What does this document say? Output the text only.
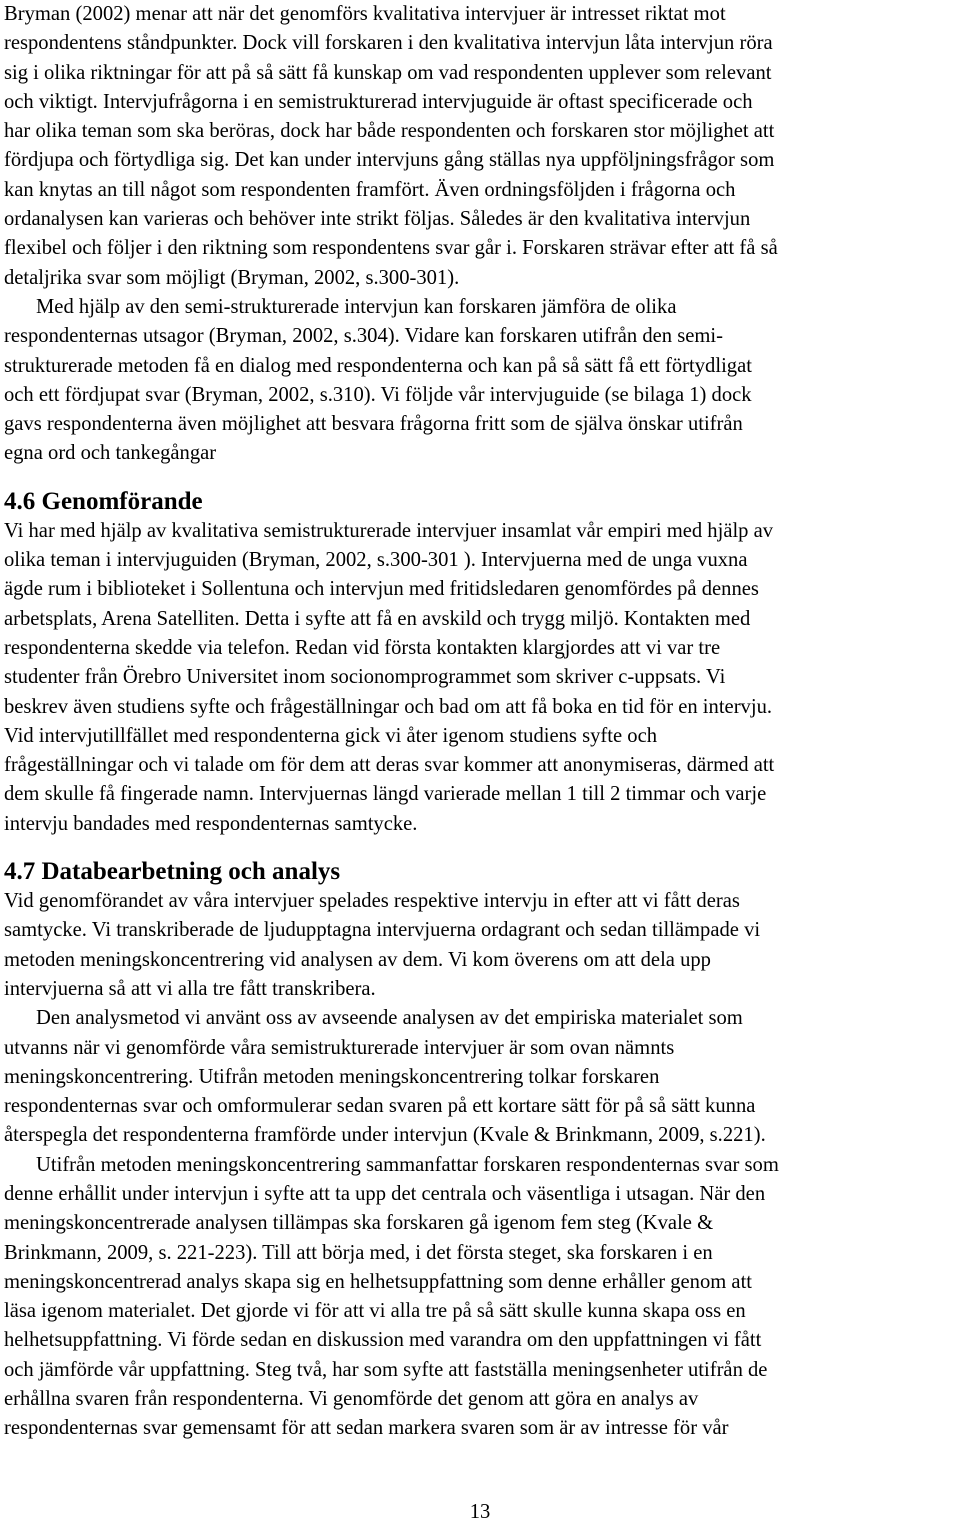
Bryman (2002) menar att när det genomförs kvalitativa intervjuer är intresset riktat mot
respondentens ståndpunkter. Dock vill forskaren i den kvalitativa intervjun låta intervjun röra
sig i olika riktningar för att på så sätt få kunskap om vad respondenten upplever som relevant
och viktigt. Intervjufrågorna i en semistrukturerad intervjuguide är oftast specificerade och
har olika teman som ska beröras, dock har både respondenten och forskaren stor möjlighet att
fördjupa och förtydliga sig. Det kan under intervjuns gång ställas nya uppföljningsfrågor som
kan knytas an till något som respondenten framfört. Även ordningsföljden i frågorna och
ordanalysen kan varieras och behöver inte strikt följas. Således är den kvalitativa intervjun
flexibel och följer i den riktning som respondentens svar går i. Forskaren strävar efter att få så
detaljrika svar som möjligt (Bryman, 2002, s.300-301).

Med hjälp av den semi-strukturerade intervjun kan forskaren jämföra de olika
respondenternas utsagor (Bryman, 2002, s.304). Vidare kan forskaren utifrån den semi-
strukturerade metoden få en dialog med respondenterna och kan på så sätt få ett förtydligat
och ett fördjupat svar (Bryman, 2002, s.310). Vi följde vår intervjuguide (se bilaga 1) dock
gavs respondenterna även möjlighet att besvara frågorna fritt som de själva önskar utifrån
egna ord och tankegångar

4.6 Genomförande

Vi har med hjälp av kvalitativa semistrukturerade intervjuer insamlat vår empiri med hjälp av
olika teman i intervjuguiden (Bryman, 2002, s.300-301 ). Intervjuerna med de unga vuxna
ägde rum i biblioteket i Sollentuna och intervjun med fritidsledaren genomfördes på dennes
arbetsplats, Arena Satelliten. Detta i syfte att få en avskild och trygg miljö. Kontakten med
respondenterna skedde via telefon. Redan vid första kontakten klargjordes att vi var tre
studenter från Örebro Universitet inom socionomprogrammet som skriver c-uppsats. Vi
beskrev även studiens syfte och frågeställningar och bad om att få boka en tid för en intervju.
Vid intervjutillfället med respondenterna gick vi åter igenom studiens syfte och
frågeställningar och vi talade om för dem att deras svar kommer att anonymiseras, därmed att
dem skulle få fingerade namn. Intervjuernas längd varierade mellan 1 till 2 timmar och varje
intervju bandades med respondenternas samtycke.

4.7 Databearbetning och analys

Vid genomförandet av våra intervjuer spelades respektive intervju in efter att vi fått deras
samtycke. Vi transkriberade de ljudupptagna intervjuerna ordagrant och sedan tillämpade vi
metoden meningskoncentrering vid analysen av dem. Vi kom överens om att dela upp
intervjuerna så att vi alla tre fått transkribera.

Den analysmetod vi använt oss av avseende analysen av det empiriska materialet som
utvanns när vi genomförde våra semistrukturerade intervjuer är som ovan nämnts
meningskoncentrering. Utifrån metoden meningskoncentrering tolkar forskaren
respondenternas svar och omformulerar sedan svaren på ett kortare sätt för på så sätt kunna
återspegla det respondenterna framförde under intervjun (Kvale & Brinkmann, 2009, s.221).

Utifrån metoden meningskoncentrering sammanfattar forskaren respondenternas svar som
denne erhållit under intervjun i syfte att ta upp det centrala och väsentliga i utsagan. När den
meningskoncentrerade analysen tillämpas ska forskaren gå igenom fem steg (Kvale &
Brinkmann, 2009, s. 221-223). Till att börja med, i det första steget, ska forskaren i en
meningskoncentrerad analys skapa sig en helhetsuppfattning som denne erhåller genom att
läsa igenom materialet. Det gjorde vi för att vi alla tre på så sätt skulle kunna skapa oss en
helhetsuppfattning. Vi förde sedan en diskussion med varandra om den uppfattningen vi fått
och jämförde vår uppfattning. Steg två, har som syfte att fastställa meningsenheter utifrån de
erhållna svaren från respondenterna. Vi genomförde det genom att göra en analys av
respondenternas svar gemensamt för att sedan markera svaren som är av intresse för vår

13
